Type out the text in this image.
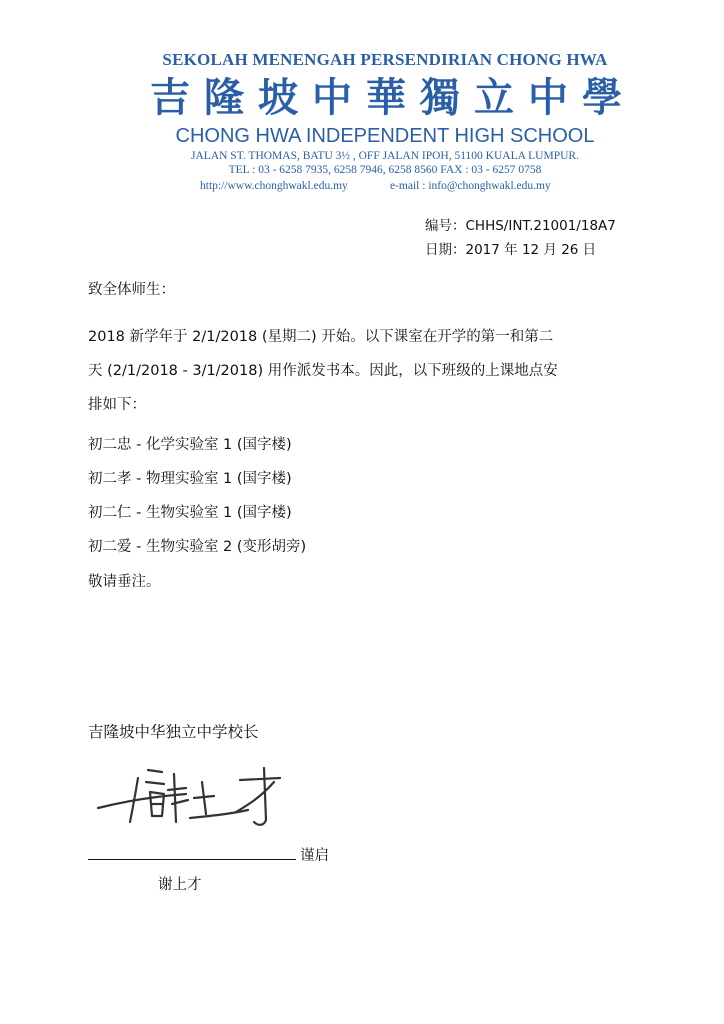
SEKOLAH MENENGAH PERSENDIRIAN CHONG HWA
吉隆坡中華獨立中學
CHONG HWA INDEPENDENT HIGH SCHOOL
JALAN ST. THOMAS, BATU 3½ , OFF JALAN IPOH, 51100 KUALA LUMPUR.
TEL : 03 - 6258 7935, 6258 7946, 6258 8560 FAX : 03 - 6257 0758
http://www.chonghwakl.edu.my	e-mail : info@chonghwakl.edu.my
编号：CHHS/INT.21001/18A7
日期：2017 年 12 月 26 日
致全体师生：
2018 新学年于 2/1/2018 (星期二) 开始。以下课室在开学的第一和第二
天 (2/1/2018 - 3/1/2018) 用作派发书本。因此，以下班级的上课地点安
排如下：
初二忠 - 化学实验室 1 (国字楼)
初二孝 - 物理实验室 1 (国字楼)
初二仁 - 生物实验室 1 (国字楼)
初二爱 - 生物实验室 2 (变形胡旁)
敬请垂注。
吉隆坡中华独立中学校长
谨启
谢上才
